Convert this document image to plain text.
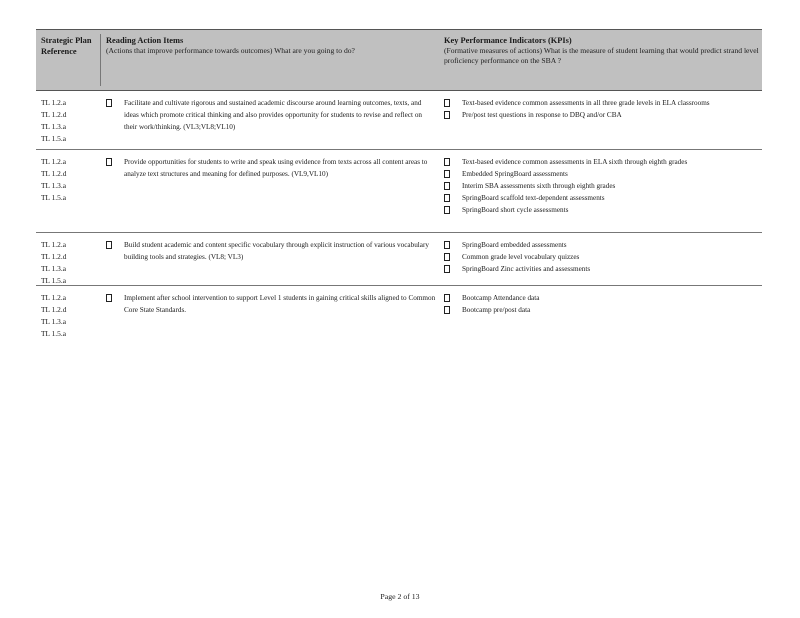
Strategic Plan Reference
Reading Action Items
(Actions that improve performance towards outcomes) What are you going to do?
Key Performance Indicators (KPIs)
(Formative measures of actions) What is the measure of student learning that would predict strand level proficiency performance on the SBA ?
TL 1.2.a
TL 1.2.d
TL 1.3.a
TL 1.5.a
Facilitate and cultivate rigorous and sustained academic discourse around learning outcomes, texts, and ideas which promote critical thinking and also provides opportunity for students to revise and reflect on their work/thinking. (VL3;VL8;VL10)
Text-based evidence common assessments in all three grade levels in ELA classrooms
Pre/post test questions in response to DBQ and/or CBA
TL 1.2.a
TL 1.2.d
TL 1.3.a
TL 1.5.a
Provide opportunities for students to write and speak using evidence from texts across all content areas to analyze text structures and meaning for defined purposes. (VL9,VL10)
Text-based evidence common assessments in ELA sixth through eighth grades
Embedded SpringBoard assessments
Interim SBA assessments sixth through eighth grades
SpringBoard scaffold text-dependent assessments
SpringBoard short cycle assessments
TL 1.2.a
TL 1.2.d
TL 1.3.a
TL 1.5.a
Build student academic and content specific vocabulary through explicit instruction of various vocabulary building tools and strategies. (VL8; VL3)
SpringBoard embedded assessments
Common grade level vocabulary quizzes
SpringBoard Zinc activities and assessments
TL 1.2.a
TL 1.2.d
TL 1.3.a
TL 1.5.a
Implement after school intervention to support Level 1 students in gaining critical skills aligned to Common Core State Standards.
Bootcamp Attendance data
Bootcamp pre/post data
Page 2 of 13
